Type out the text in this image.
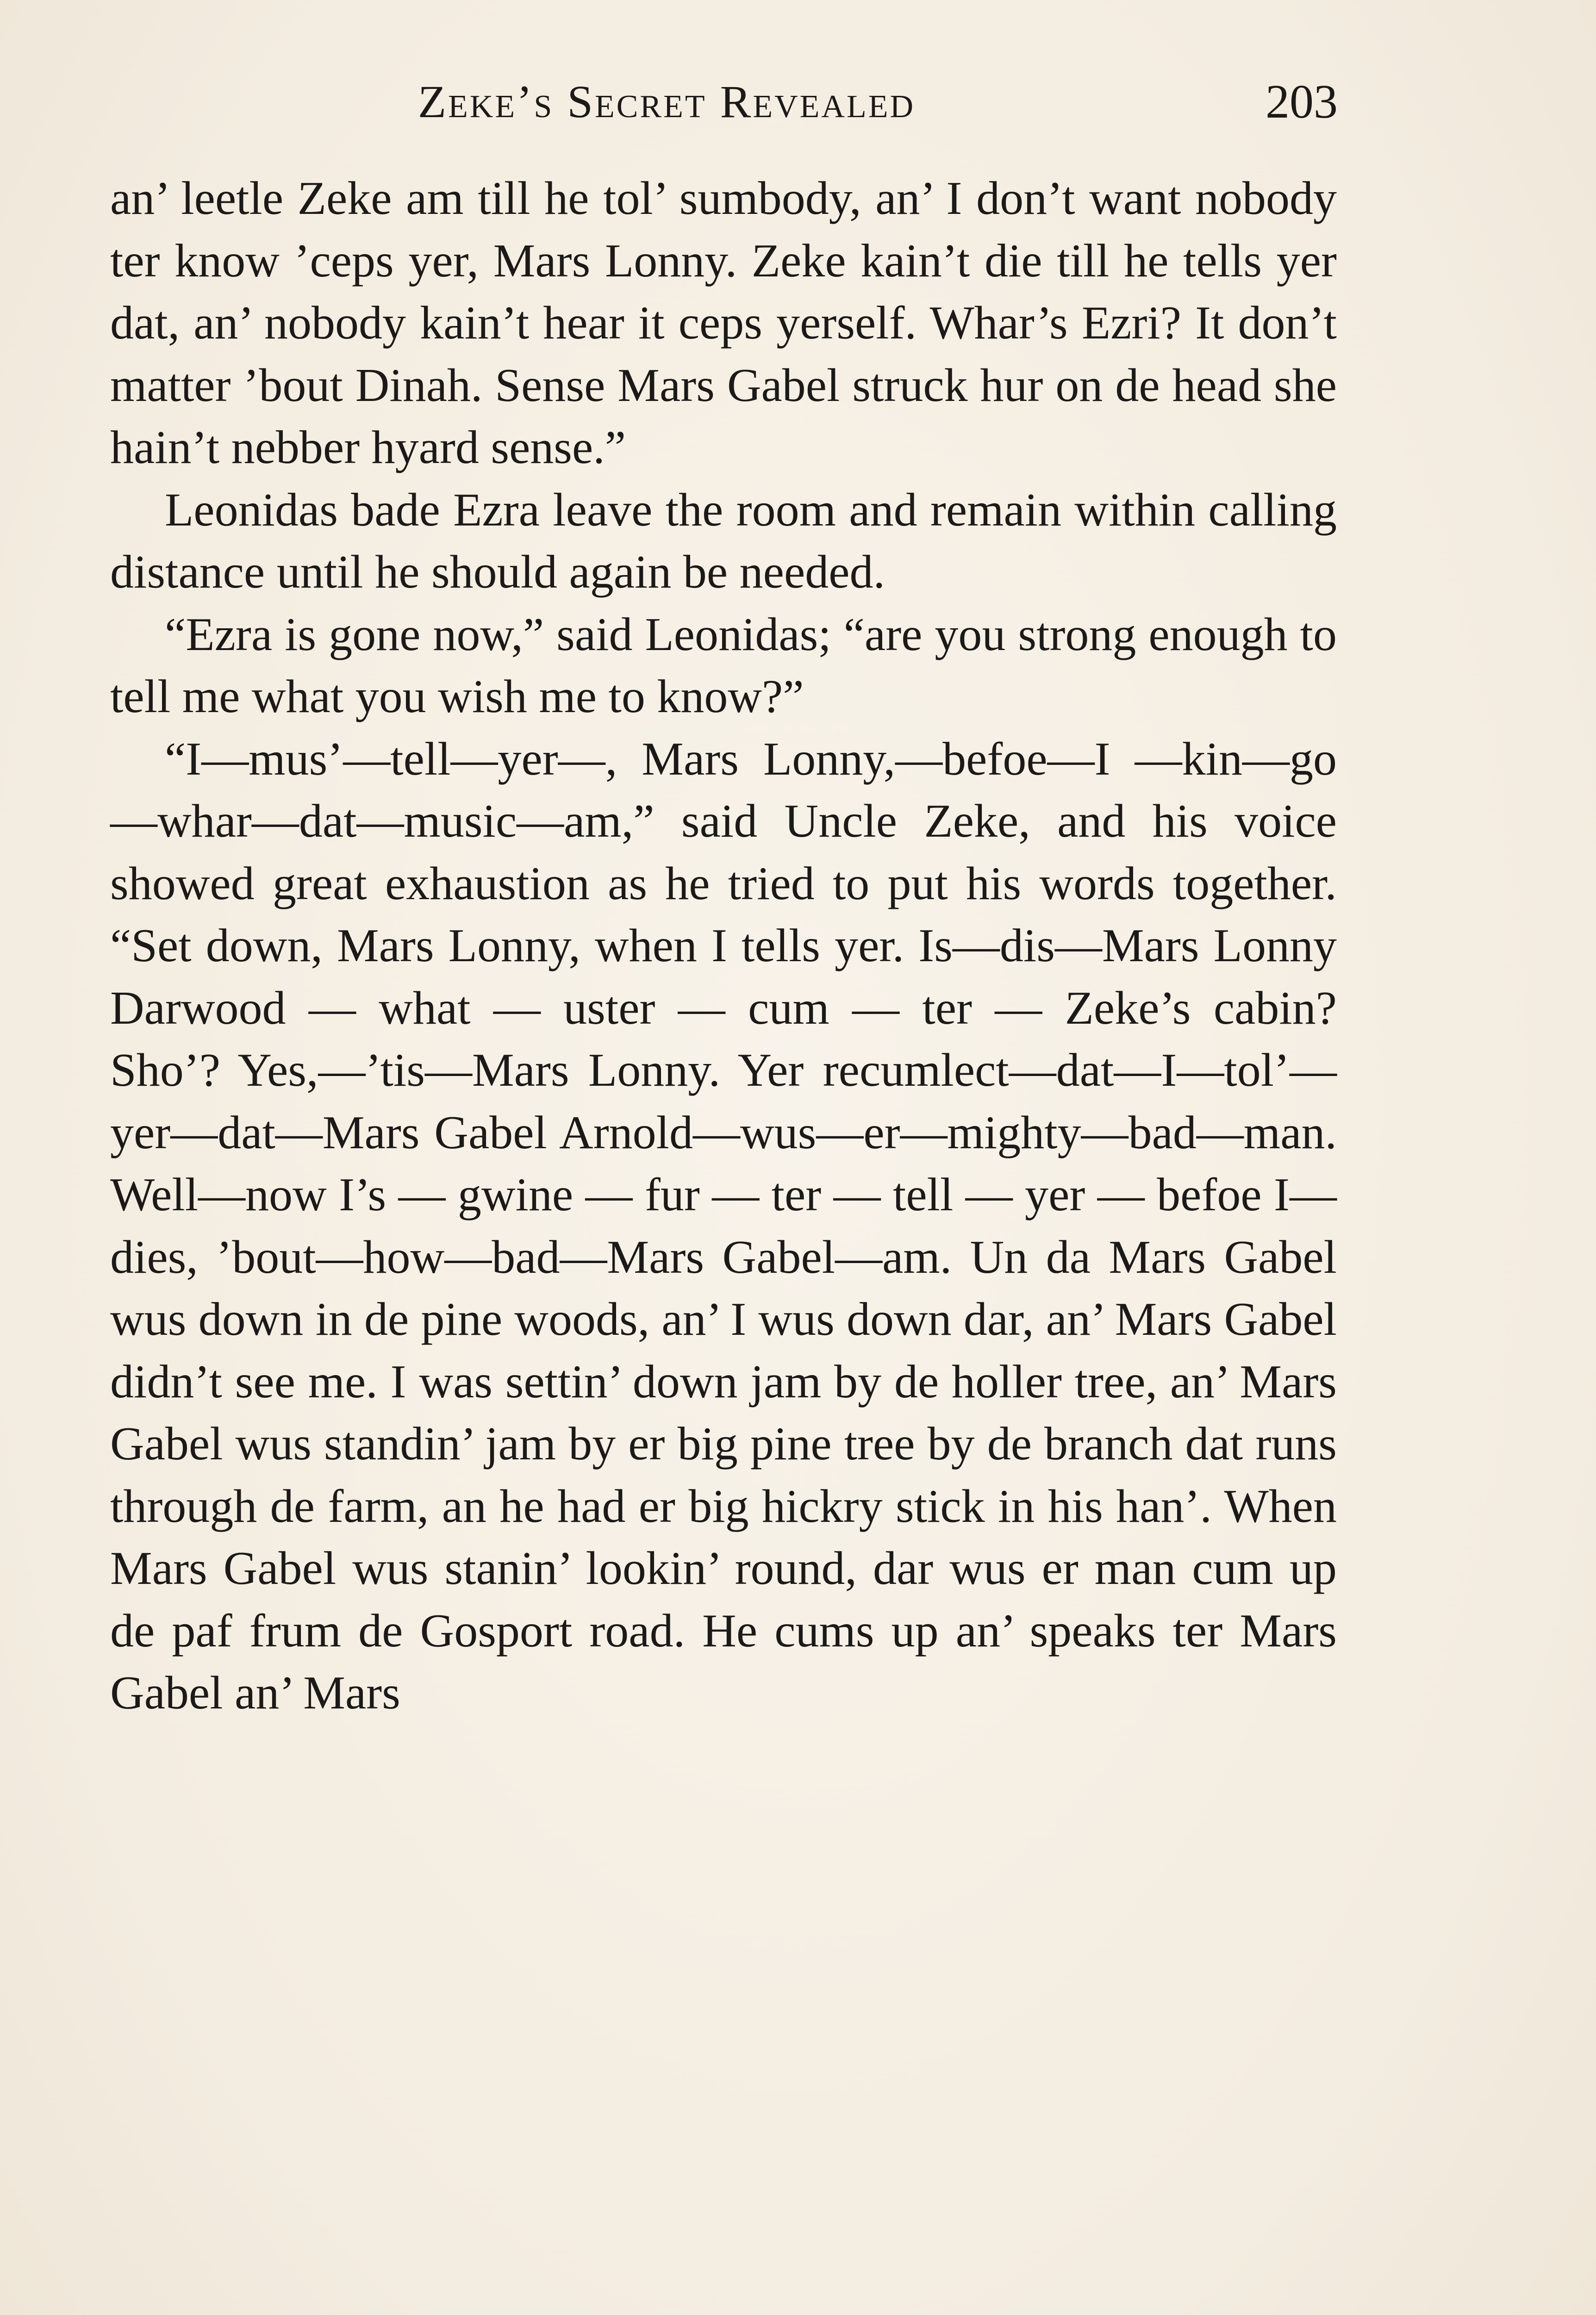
Zeke’s Secret Revealed	203

an’ leetle Zeke am till he tol’ sumbody, an’ I don’t want nobody ter know ’ceps yer, Mars Lonny. Zeke kain’t die till he tells yer dat, an’ nobody kain’t hear it ceps yerself. Whar’s Ezri? It don’t matter ’bout Dinah. Sense Mars Gabel struck hur on de head she hain’t nebber hyard sense.”

Leonidas bade Ezra leave the room and remain within calling distance until he should again be needed.

“Ezra is gone now,” said Leonidas; “are you strong enough to tell me what you wish me to know?”

“I—mus’—tell—yer—, Mars Lonny,—befoe—I —kin—go—whar—dat—music—am,” said Uncle Zeke, and his voice showed great exhaustion as he tried to put his words together. “Set down, Mars Lonny, when I tells yer. Is—dis—Mars Lonny Darwood — what — uster — cum — ter — Zeke’s cabin? Sho’? Yes,—’tis—Mars Lonny. Yer recumlect—dat—I—tol’—yer—dat—Mars Gabel Arnold—wus—er—mighty—bad—man. Well—now I’s — gwine — fur — ter — tell — yer — befoe I—dies, ’bout—how—bad—Mars Gabel—am. Un da Mars Gabel wus down in de pine woods, an’ I wus down dar, an’ Mars Gabel didn’t see me. I was settin’ down jam by de holler tree, an’ Mars Gabel wus standin’ jam by er big pine tree by de branch dat runs through de farm, an he had er big hickry stick in his han’. When Mars Gabel wus stanin’ lookin’ round, dar wus er man cum up de paf frum de Gosport road. He cums up an’ speaks ter Mars Gabel an’ Mars
